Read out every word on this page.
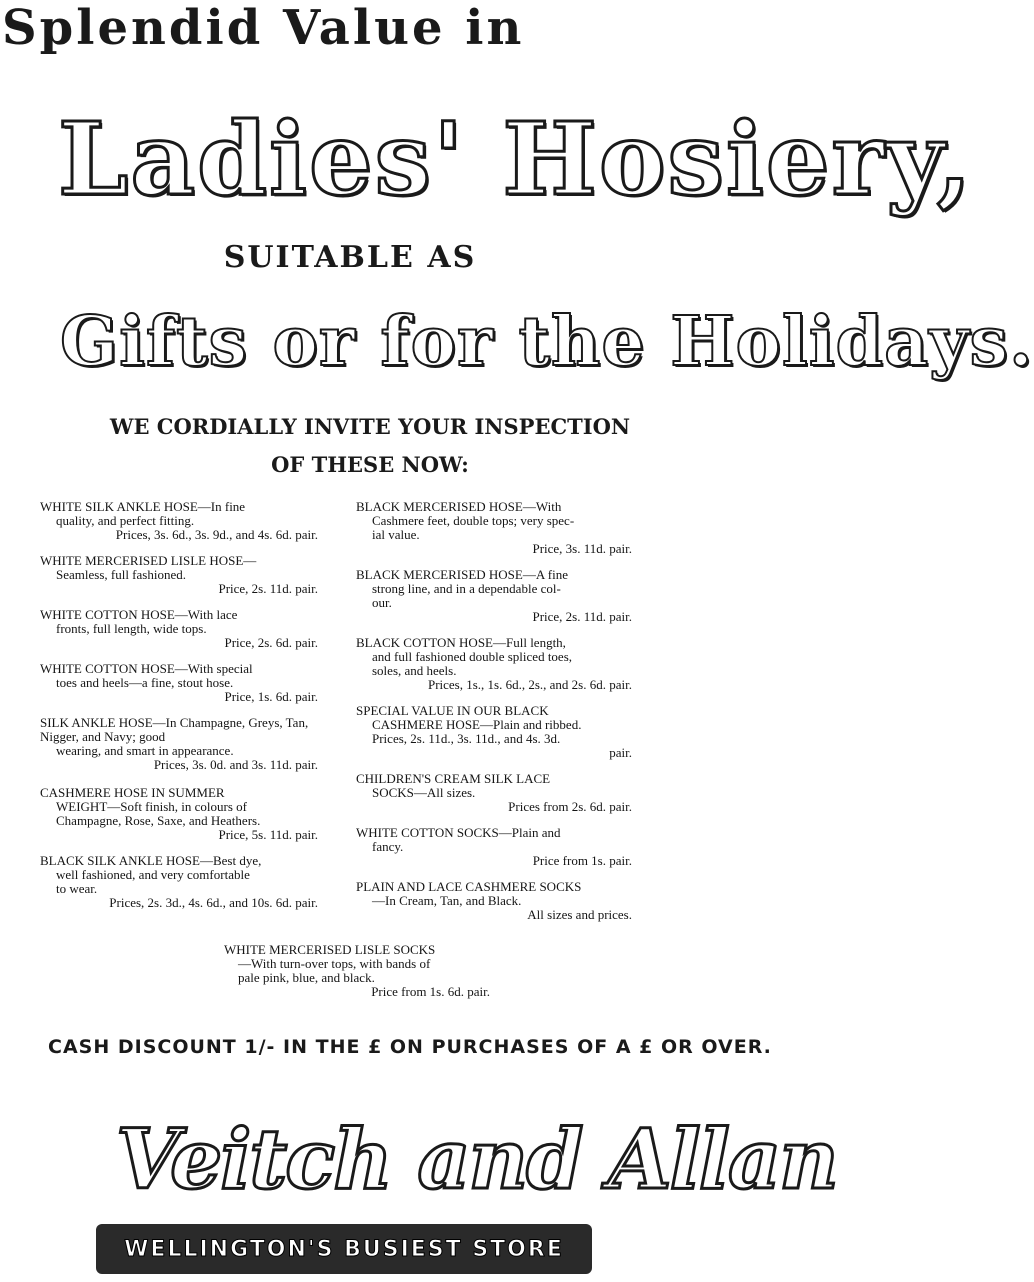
Splendid Value in
Ladies' Hosiery,
SUITABLE AS
Gifts or for the Holidays.
WE CORDIALLY INVITE YOUR INSPECTION
OF THESE NOW:
WHITE SILK ANKLE HOSE—In fine
quality, and perfect fitting.
Prices, 3s. 6d., 3s. 9d., and 4s. 6d. pair.
WHITE MERCERISED LISLE HOSE—
Seamless, full fashioned.
Price, 2s. 11d. pair.
WHITE COTTON HOSE—With lace
fronts, full length, wide tops.
Price, 2s. 6d. pair.
WHITE COTTON HOSE—With special
toes and heels—a fine, stout hose.
Price, 1s. 6d. pair.
SILK ANKLE HOSE—In Champagne, Greys, Tan, Nigger, and Navy; good
wearing, and smart in appearance.
Prices, 3s. 0d. and 3s. 11d. pair.
CASHMERE HOSE IN SUMMER
WEIGHT—Soft finish, in colours of
Champagne, Rose, Saxe, and Heathers.
Price, 5s. 11d. pair.
BLACK SILK ANKLE HOSE—Best dye,
well fashioned, and very comfortable
to wear.
Prices, 2s. 3d., 4s. 6d., and 10s. 6d. pair.
BLACK MERCERISED HOSE—With
Cashmere feet, double tops; very spec-
ial value.
Price, 3s. 11d. pair.
BLACK MERCERISED HOSE—A fine
strong line, and in a dependable col-
our.
Price, 2s. 11d. pair.
BLACK COTTON HOSE—Full length,
and full fashioned double spliced toes,
soles, and heels.
Prices, 1s., 1s. 6d., 2s., and 2s. 6d. pair.
SPECIAL VALUE IN OUR BLACK
CASHMERE HOSE—Plain and ribbed.
Prices, 2s. 11d., 3s. 11d., and 4s. 3d.
pair.
CHILDREN'S CREAM SILK LACE
SOCKS—All sizes.
Prices from 2s. 6d. pair.
WHITE COTTON SOCKS—Plain and
fancy.
Price from 1s. pair.
PLAIN AND LACE CASHMERE SOCKS
—In Cream, Tan, and Black.
All sizes and prices.
WHITE MERCERISED LISLE SOCKS
—With turn-over tops, with bands of
pale pink, blue, and black.
Price from 1s. 6d. pair.
CASH DISCOUNT 1/- IN THE £ ON PURCHASES OF A £ OR OVER.
Veitch and Allan
WELLINGTON'S BUSIEST STORE
